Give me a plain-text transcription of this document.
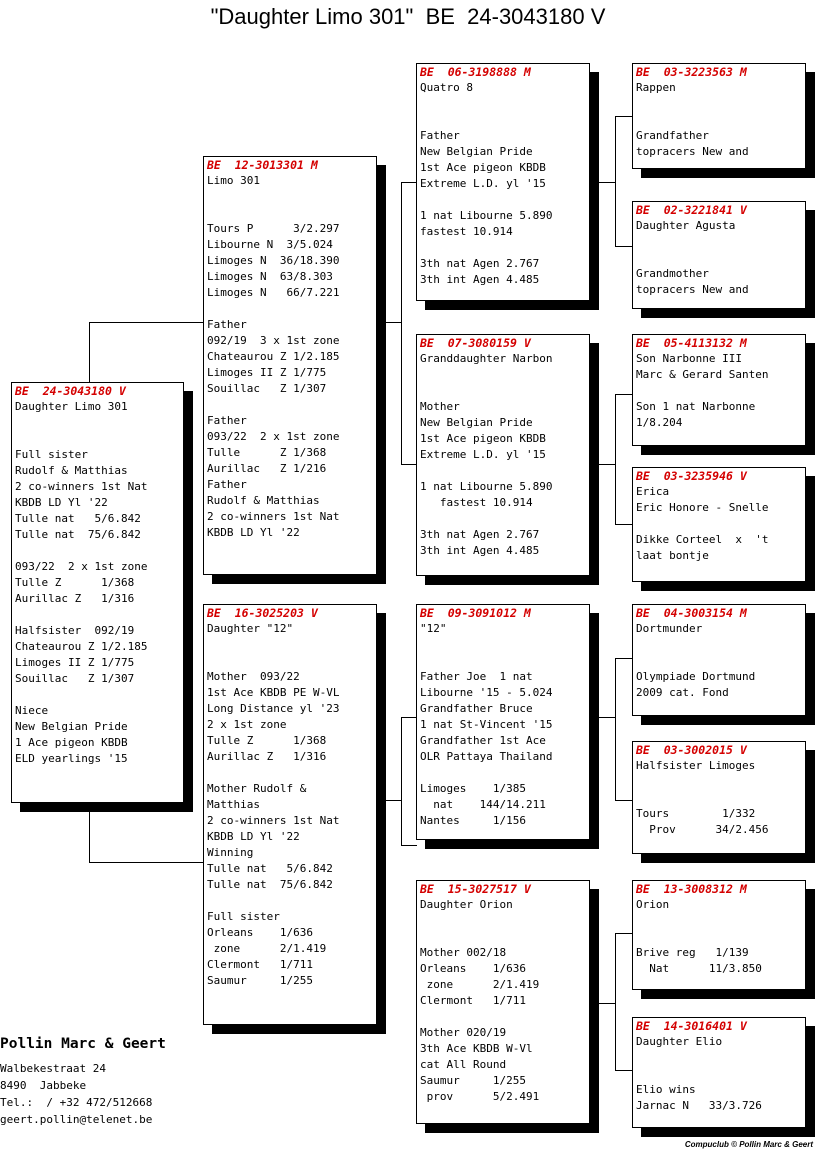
"Daughter Limo 301"  BE  24-3043180 V
BE  24-3043180 V
Daughter Limo 301

Full sister
Rudolf & Matthias
2 co-winners 1st Nat
KBDB LD Yl '22
Tulle nat   5/6.842
Tulle nat  75/6.842

093/22  2 x 1st zone
Tulle Z      1/368
Aurillac Z   1/316

Halfsister  092/19
Chateaurou Z 1/2.185
Limoges II Z 1/775
Souillac   Z 1/307

Niece
New Belgian Pride
1 Ace pigeon KBDB
ELD yearlings '15
BE  12-3013301 M
Limo 301

Tours P      3/2.297
Libourne N  3/5.024
Limoges N  36/18.390
Limoges N  63/8.303
Limoges N   66/7.221

Father
092/19  3 x 1st zone
Chateaurou Z 1/2.185
Limoges II Z 1/775
Souillac   Z 1/307

Father
093/22  2 x 1st zone
Tulle      Z 1/368
Aurillac   Z 1/216
Father
Rudolf & Matthias
2 co-winners 1st Nat
KBDB LD Yl '22
BE  16-3025203 V
Daughter "12"

Mother  093/22
1st Ace KBDB PE W-VL
Long Distance yl '23
2 x 1st zone
Tulle Z      1/368
Aurillac Z   1/316

Mother Rudolf &
Matthias
2 co-winners 1st Nat
KBDB LD Yl '22
Winning
Tulle nat   5/6.842
Tulle nat  75/6.842

Full sister
Orleans    1/636
zone      2/1.419
Clermont   1/711
Saumur     1/255
BE  06-3198888 M
Quatro 8

Father
New Belgian Pride
1st Ace pigeon KBDB
Extreme L.D. yl '15

1 nat Libourne 5.890
fastest 10.914

3th nat Agen 2.767
3th int Agen 4.485
BE  07-3080159 V
Granddaughter Narbon

Mother
New Belgian Pride
1st Ace pigeon KBDB
Extreme L.D. yl '15

1 nat Libourne 5.890
fastest 10.914

3th nat Agen 2.767
3th int Agen 4.485
BE  09-3091012 M
"12"

Father Joe  1 nat
Libourne '15 - 5.024
Grandfather Bruce
1 nat St-Vincent '15
Grandfather 1st Ace
OLR Pattaya Thailand

Limoges    1/385
nat    144/14.211
Nantes     1/156
BE  15-3027517 V
Daughter Orion

Mother 002/18
Orleans    1/636
zone      2/1.419
Clermont   1/711

Mother 020/19
3th Ace KBDB W-Vl
cat All Round
Saumur     1/255
prov      5/2.491
BE  03-3223563 M
Rappen

Grandfather
topracers New and
BE  02-3221841 V
Daughter Agusta

Grandmother
topracers New and
BE  05-4113132 M
Son Narbonne III
Marc & Gerard Santen

Son 1 nat Narbonne
1/8.204
BE  03-3235946 V
Erica
Eric Honore - Snelle

Dikke Corteel  x  't
laat bontje
BE  04-3003154 M
Dortmunder

Olympiade Dortmund
2009 cat. Fond
BE  03-3002015 V
Halfsister Limoges

Tours        1/332
Prov      34/2.456
BE  13-3008312 M
Orion

Brive reg   1/139
Nat      11/3.850
BE  14-3016401 V
Daughter Elio

Elio wins
Jarnac N   33/3.726
Pollin Marc & Geert
Walbekestraat 24
8490  Jabbeke
Tel.:  / +32 472/512668
geert.pollin@telenet.be
Compuclub © Pollin Marc & Geert
